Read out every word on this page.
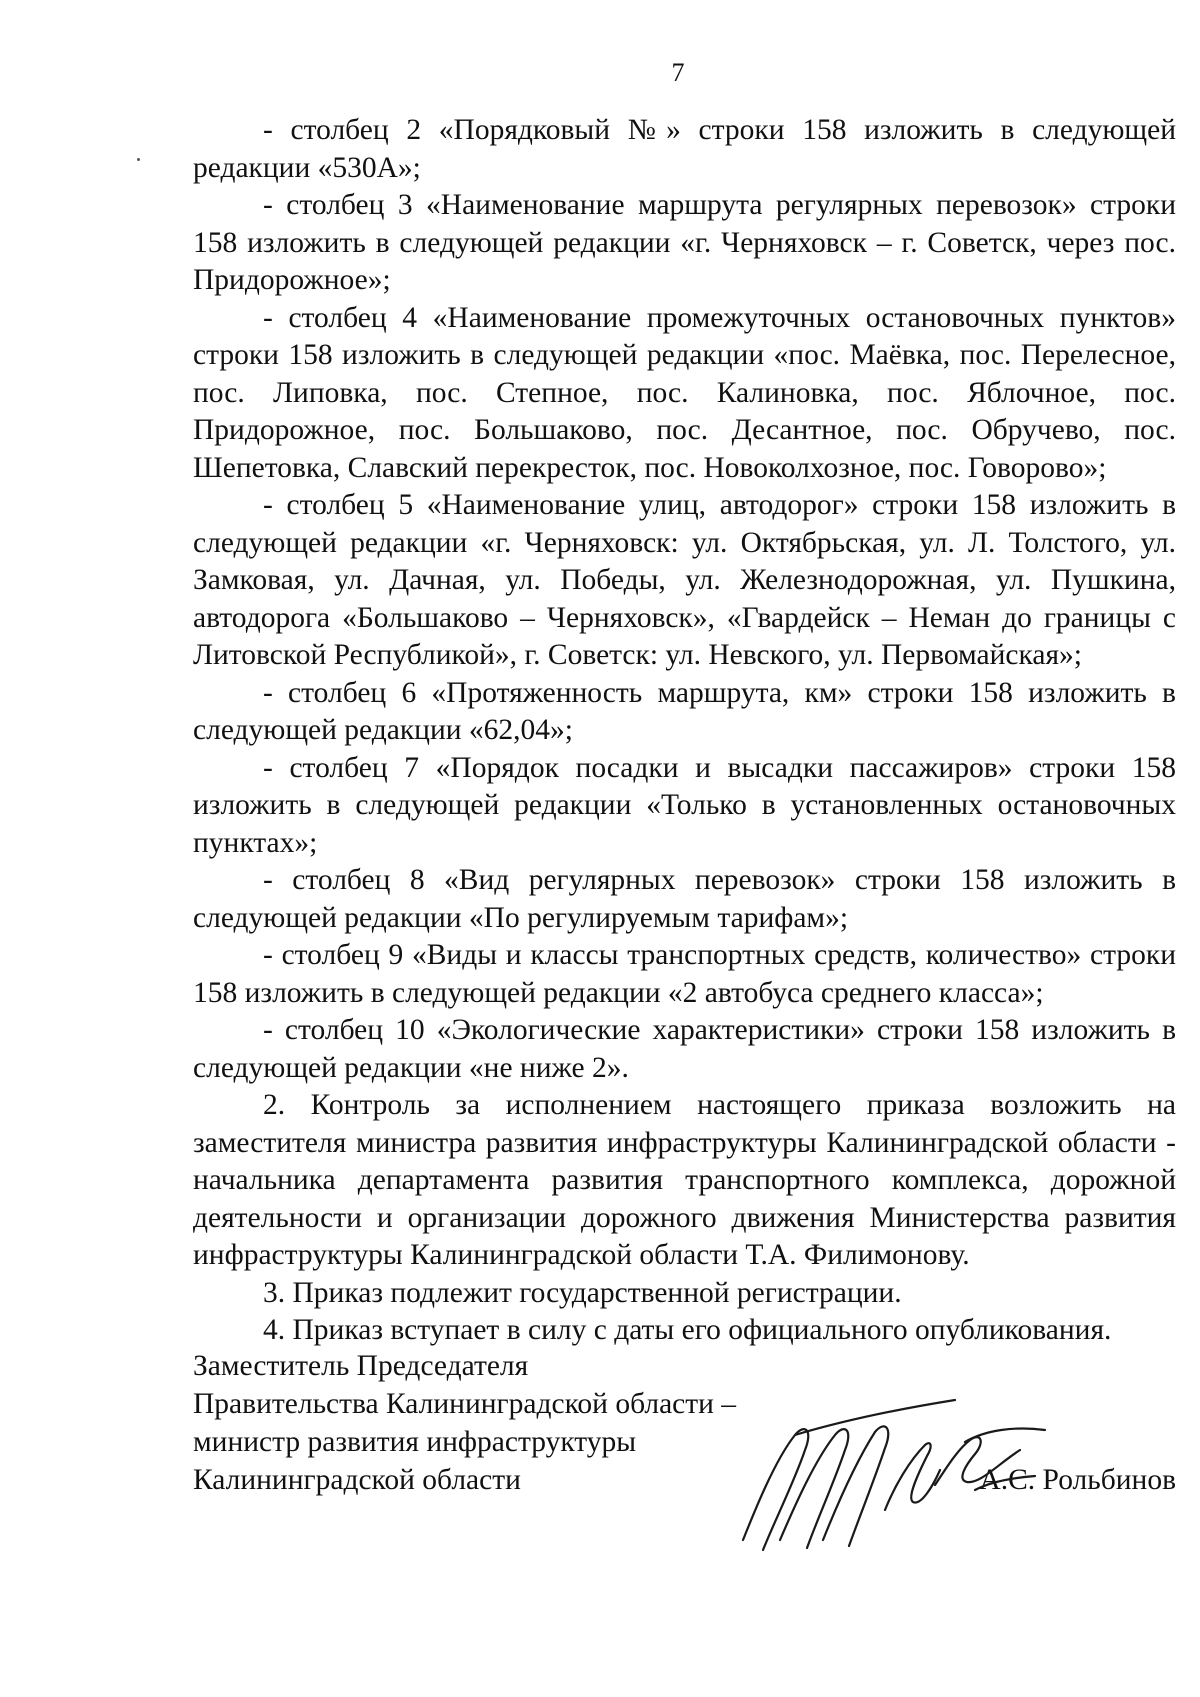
7

- столбец 2 «Порядковый №» строки 158 изложить в следующей редакции «530А»;

- столбец 3 «Наименование маршрута регулярных перевозок» строки 158 изложить в следующей редакции «г. Черняховск – г. Советск, через пос. Придорожное»;

- столбец 4 «Наименование промежуточных остановочных пунктов» строки 158 изложить в следующей редакции «пос. Маёвка, пос. Перелесное, пос. Липовка, пос. Степное, пос. Калиновка, пос. Яблочное, пос. Придорожное, пос. Большаково, пос. Десантное, пос. Обручево, пос. Шепетовка, Славский перекресток, пос. Новоколхозное, пос. Говорово»;

- столбец 5 «Наименование улиц, автодорог» строки 158 изложить в следующей редакции «г. Черняховск: ул. Октябрьская, ул. Л. Толстого, ул. Замковая, ул. Дачная, ул. Победы, ул. Железнодорожная, ул. Пушкина, автодорога «Большаково – Черняховск», «Гвардейск – Неман до границы с Литовской Республикой», г. Советск: ул. Невского, ул. Первомайская»;

- столбец 6 «Протяженность маршрута, км» строки 158 изложить в следующей редакции «62,04»;

- столбец 7 «Порядок посадки и высадки пассажиров» строки 158 изложить в следующей редакции «Только в установленных остановочных пунктах»;

- столбец 8 «Вид регулярных перевозок» строки 158 изложить в следующей редакции «По регулируемым тарифам»;

- столбец 9 «Виды и классы транспортных средств, количество» строки 158 изложить в следующей редакции «2 автобуса среднего класса»;

- столбец 10 «Экологические характеристики» строки 158 изложить в следующей редакции «не ниже 2».

2. Контроль за исполнением настоящего приказа возложить на заместителя министра развития инфраструктуры Калининградской области - начальника департамента развития транспортного комплекса, дорожной деятельности и организации дорожного движения Министерства развития инфраструктуры Калининградской области Т.А. Филимонову.

3. Приказ подлежит государственной регистрации.

4. Приказ вступает в силу с даты его официального опубликования.

Заместитель Председателя
Правительства Калининградской области –
министр развития инфраструктуры
Калининградской области	А.С. Рольбинов
